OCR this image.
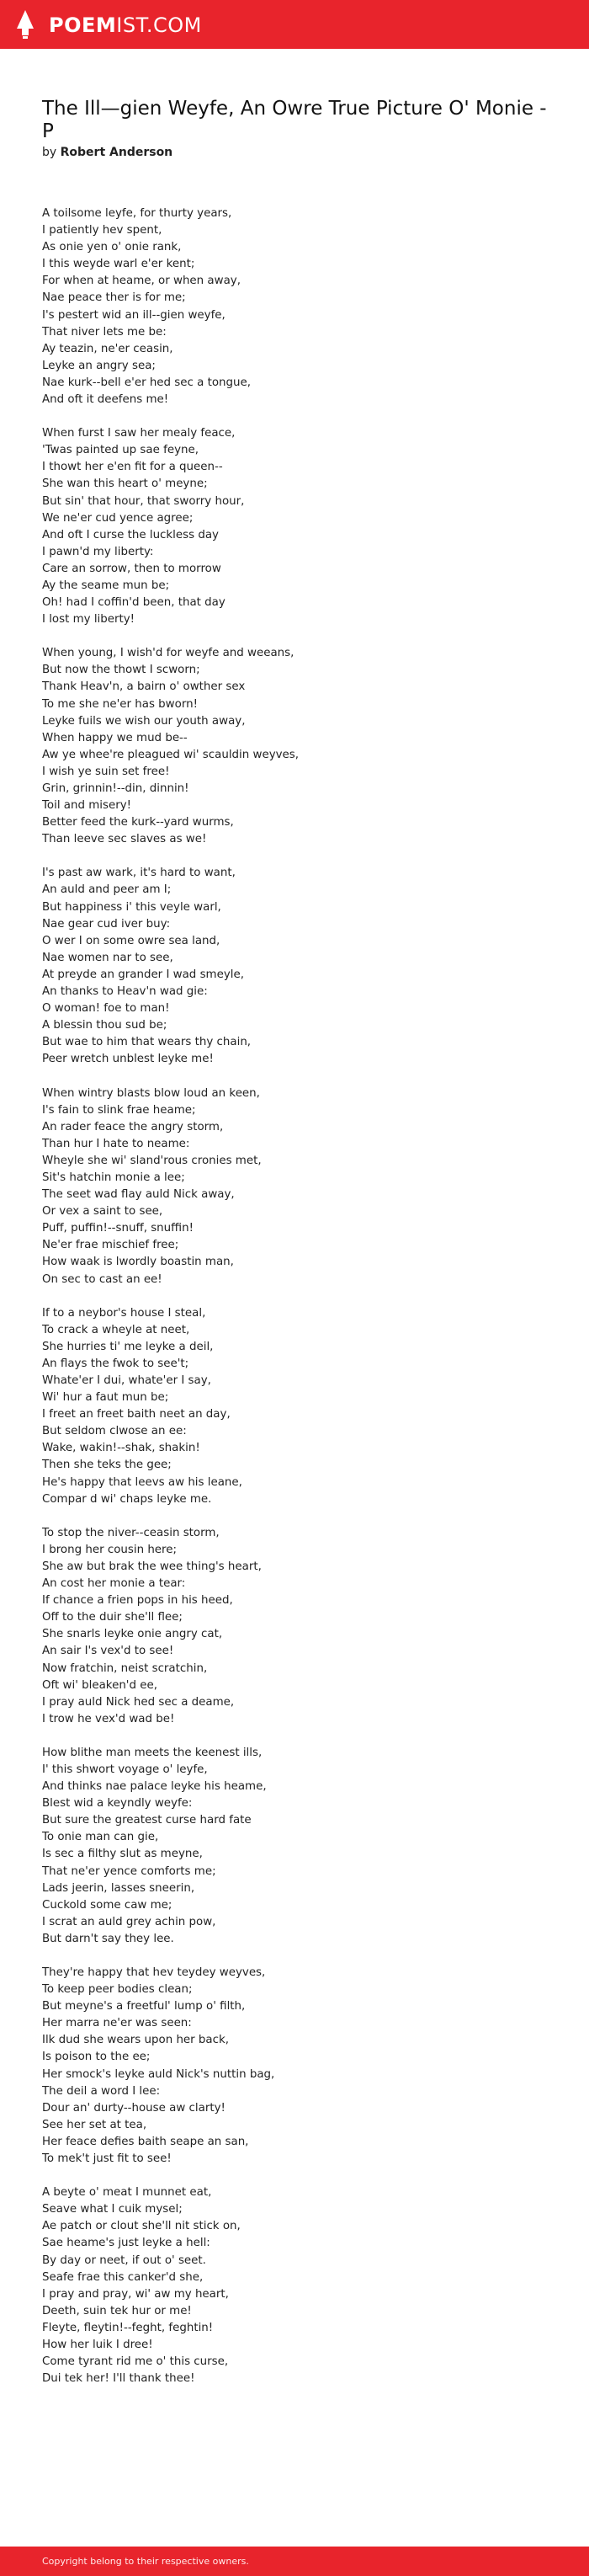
POEMIST.COM
The Ill—gien Weyfe, An Owre True Picture O' Monie - P
by Robert Anderson
A toilsome leyfe, for thurty years,
I patiently hev spent,
As onie yen o' onie rank,
I this weyde warl e'er kent;
For when at heame, or when away,
Nae peace ther is for me;
I's pestert wid an ill--gien weyfe,
That niver lets me be:
Ay teazin, ne'er ceasin,
Leyke an angry sea;
Nae kurk--bell e'er hed sec a tongue,
And oft it deefens me!
When furst I saw her mealy feace,
'Twas painted up sae feyne,
I thowt her e'en fit for a queen--
She wan this heart o' meyne;
But sin' that hour, that sworry hour,
We ne'er cud yence agree;
And oft I curse the luckless day
I pawn'd my liberty:
Care an sorrow, then to morrow
Ay the seame mun be;
Oh! had I coffin'd been, that day
I lost my liberty!
When young, I wish'd for weyfe and weeans,
But now the thowt I scworn;
Thank Heav'n, a bairn o' owther sex
To me she ne'er has bworn!
Leyke fuils we wish our youth away,
When happy we mud be--
Aw ye whee're pleagued wi' scauldin weyves,
I wish ye suin set free!
Grin, grinnin!--din, dinnin!
Toil and misery!
Better feed the kurk--yard wurms,
Than leeve sec slaves as we!
I's past aw wark, it's hard to want,
An auld and peer am I;
But happiness i' this veyle warl,
Nae gear cud iver buy:
O wer I on some owre sea land,
Nae women nar to see,
At preyde an grander I wad smeyle,
An thanks to Heav'n wad gie:
O woman! foe to man!
A blessin thou sud be;
But wae to him that wears thy chain,
Peer wretch unblest leyke me!
When wintry blasts blow loud an keen,
I's fain to slink frae heame;
An rader feace the angry storm,
Than hur I hate to neame:
Wheyle she wi' sland'rous cronies met,
Sit's hatchin monie a lee;
The seet wad flay auld Nick away,
Or vex a saint to see,
Puff, puffin!--snuff, snuffin!
Ne'er frae mischief free;
How waak is lwordly boastin man,
On sec to cast an ee!
If to a neybor's house I steal,
To crack a wheyle at neet,
She hurries ti' me leyke a deil,
An flays the fwok to see't;
Whate'er I dui, whate'er I say,
Wi' hur a faut mun be;
I freet an freet baith neet an day,
But seldom clwose an ee:
Wake, wakin!--shak, shakin!
Then she teks the gee;
He's happy that leevs aw his leane,
Compar d wi' chaps leyke me.
To stop the niver--ceasin storm,
I brong her cousin here;
She aw but brak the wee thing's heart,
An cost her monie a tear:
If chance a frien pops in his heed,
Off to the duir she'll flee;
She snarls leyke onie angry cat,
An sair I's vex'd to see!
Now fratchin, neist scratchin,
Oft wi' bleaken'd ee,
I pray auld Nick hed sec a deame,
I trow he vex'd wad be!
How blithe man meets the keenest ills,
I' this shwort voyage o' leyfe,
And thinks nae palace leyke his heame,
Blest wid a keyndly weyfe:
But sure the greatest curse hard fate
To onie man can gie,
Is sec a filthy slut as meyne,
That ne'er yence comforts me;
Lads jeerin, lasses sneerin,
Cuckold some caw me;
I scrat an auld grey achin pow,
But darn't say they lee.
They're happy that hev teydey weyves,
To keep peer bodies clean;
But meyne's a freetful' lump o' filth,
Her marra ne'er was seen:
Ilk dud she wears upon her back,
Is poison to the ee;
Her smock's leyke auld Nick's nuttin bag,
The deil a word I lee:
Dour an' durty--house aw clarty!
See her set at tea,
Her feace defies baith seape an san,
To mek't just fit to see!
A beyte o' meat I munnet eat,
Seave what I cuik mysel;
Ae patch or clout she'll nit stick on,
Sae heame's just leyke a hell:
By day or neet, if out o' seet.
Seafe frae this canker'd she,
I pray and pray, wi' aw my heart,
Deeth, suin tek hur or me!
Fleyte, fleytin!--feght, feghtin!
How her luik I dree!
Come tyrant rid me o' this curse,
Dui tek her! I'll thank thee!
Copyright belong to their respective owners.
